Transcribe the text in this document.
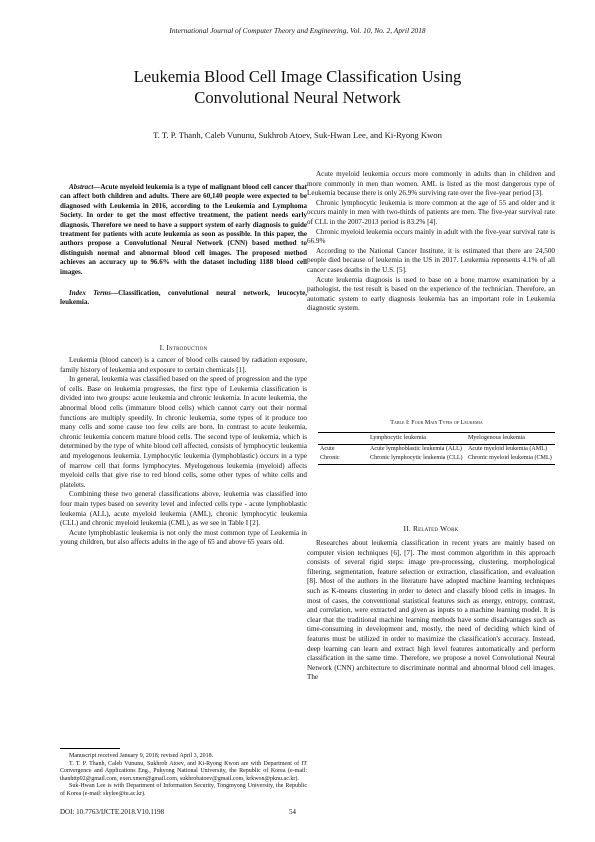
International Journal of Computer Theory and Engineering, Vol. 10, No. 2, April 2018
Leukemia Blood Cell Image Classification Using
Convolutional Neural Network
T. T. P. Thanh, Caleb Vununu, Sukhrob Atoev, Suk-Hwan Lee, and Ki-Ryong Kwon

Abstract—Acute myeloid leukemia is a type of malignant blood cell cancer that can affect both children and adults. There are 60,140 people were expected to be diagnosed with Leukemia in 2016, according to the Leukemia and Lymphoma Society. In order to get the most effective treatment, the patient needs early diagnosis. Therefore we need to have a support system of early diagnosis to guide treatment for patients with acute leukemia as soon as possible. In this paper, the authors propose a Convolutional Neural Network (CNN) based method to distinguish normal and abnormal blood cell images. The proposed method achieves an accuracy up to 96.6% with the dataset including 1188 blood cell images.

Index Terms—Classification, convolutional neural network, leucocyte, leukemia.
I. Introduction

Leukemia (blood cancer) is a cancer of blood cells caused by radiation exposure, family history of leukemia and exposure to certain chemicals [1].

In general, leukemia was classified based on the speed of progression and the type of cells. Base on leukemia progresses, the first type of Leukemia classification is divided into two groups: acute leukemia and chronic leukemia. In acute leukemia, the abnormal blood cells (immature blood cells) which cannot carry out their normal functions are multiply speedily. In chronic leukemia, some types of it produce too many cells and some cause too few cells are born. In contrast to acute leukemia, chronic leukemia concern mature blood cells. The second type of leukemia, which is determined by the type of white blood cell affected, consists of lymphocytic leukemia and myelogenous leukemia. Lymphocytic leukemia (lymphoblastic) occurs in a type of marrow cell that forms lymphocytes. Myelogenous leukemia (myeloid) affects myeloid cells that give rise to red blood cells, some other types of white cells and platelets.

Combining these two general classifications above, leukemia was classified into four main types based on severity level and infected cells type - acute lymphoblastic leukemia (ALL), acute myeloid leukemia (AML), chronic lymphocytic leukemia (CLL) and chronic myeloid leukemia (CML), as we see in Table I [2].

Acute lymphoblastic leukemia is not only the most common type of Leukemia in young children, but also affects adults in the age of 65 and above 65 years old.

Manuscript received January 9, 2018; revised April 3, 2018.

T. T. P. Thanh, Caleb Vununu, Sukhrob Atoev, and Ki-Ryong Kwon are with Department of IT Convergence and Applications Eng., Pukyong National University, the Republic of Korea (e-mail: thanhttp02@gmail.com, exen.xmen@gmail.com, sukhrobatoev@gmail.com, krkwon@pknu.ac.kr).

Suk-Hwan Lee is with Department of Information Security, Tongmyong University, the Republic of Korea (e-mail: skylee@tu.ac.kr).

DOI: 10.7763/IJCTE.2018.V10.1198	54

Acute myeloid leukemia occurs more commonly in adults than in children and more commonly in men than women. AML is listed as the most dangerous type of Leukemia because there is only 26.9% surviving rate over the five-year period [3].

Chronic lymphocytic leukemia is more common at the age of 55 and older and it occurs mainly in men with two-thirds of patients are men. The five-year survival rate of CLL in the 2007-2013 period is 83.2% [4].

Chronic myeloid leukemia occurs mainly in adult with the five-year survival rate is 66.9%

According to the National Cancer Institute, it is estimated that there are 24,500 people died because of leukemia in the US in 2017. Leukemia represents 4.1% of all cancer cases deaths in the U.S. [5].

Acute leukemia diagnosis is used to base on a bone marrow examination by a pathologist, the test result is based on the experience of the technician. Therefore, an automatic system to early diagnosis leukemia has an important role in Leukemia diagnostic system.

Table I: Four Main Types of Leukemia
	Lymphocytic leukemia	Myelogenous leukemia
Acute	Acute lymphoblastic leukemia (ALL)	Acute myeloid leukemia (AML)
Chronic	Chronic lymphocytic leukemia (CLL)	Chronic myeloid leukemia (CML)
II. Related Work

Researches about leukemia classification in recent years are mainly based on computer vision techniques [6], [7]. The most common algorithm in this approach consists of several rigid steps: image pre-processing, clustering, morphological filtering, segmentation, feature selection or extraction, classification, and evaluation [8]. Most of the authors in the literature have adopted machine learning techniques such as K-means clustering in order to detect and classify blood cells in images. In most of cases, the conventional statistical features such as energy, entropy, contrast, and correlation, were extracted and given as inputs to a machine learning model. It is clear that the traditional machine learning methods have some disadvantages such as time-consuming in development and, mostly, the need of deciding which kind of features must be utilized in order to maximize the classification's accuracy. Instead, deep learning can learn and extract high level features automatically and perform classification in the same time. Therefore, we propose a novel Convolutional Neural Network (CNN) architecture to discriminate normal and abnormal blood cell images. The
